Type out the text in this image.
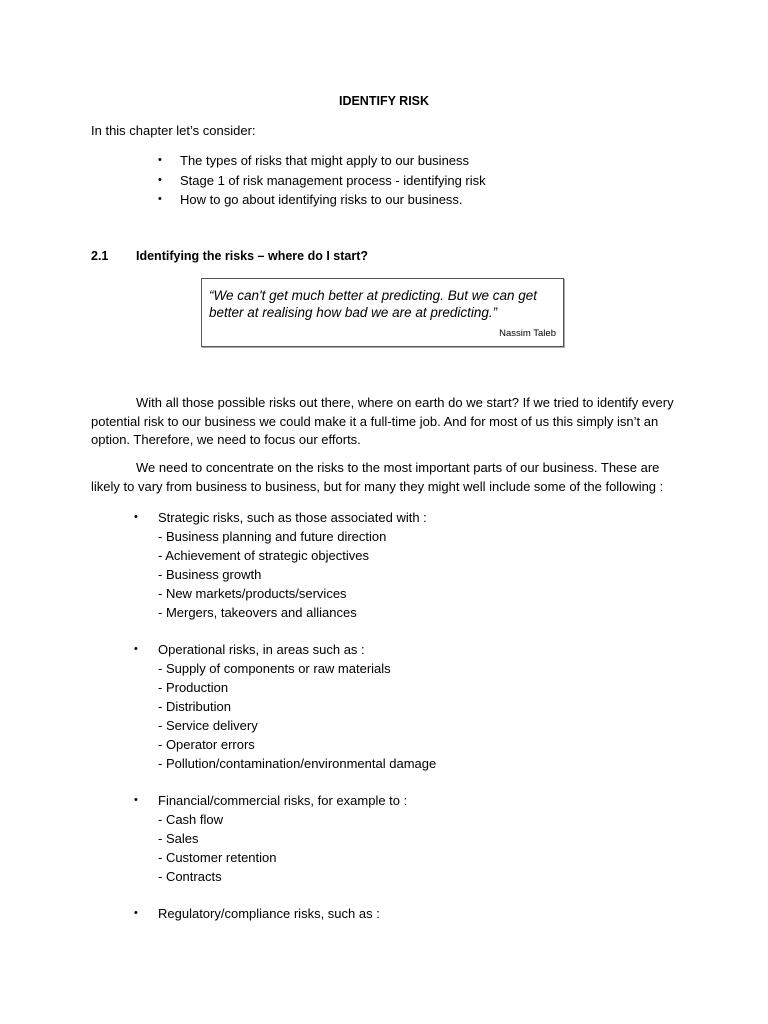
IDENTIFY RISK
In this chapter let’s consider:
• The types of risks that might apply to our business
• Stage 1 of risk management process - identifying risk
• How to go about identifying risks to our business.
2.1 Identifying the risks – where do I start?
“We can't get much better at predicting. But we can get better at realising how bad we are at predicting.”
Nassim Taleb
With all those possible risks out there, where on earth do we start? If we tried to identify every potential risk to our business we could make it a full-time job. And for most of us this simply isn’t an option. Therefore, we need to focus our efforts.
We need to concentrate on the risks to the most important parts of our business. These are likely to vary from business to business, but for many they might well include some of the following :
• Strategic risks, such as those associated with :
- Business planning and future direction
- Achievement of strategic objectives
- Business growth
- New markets/products/services
- Mergers, takeovers and alliances
• Operational risks, in areas such as :
- Supply of components or raw materials
- Production
- Distribution
- Service delivery
- Operator errors
- Pollution/contamination/environmental damage
• Financial/commercial risks, for example to :
- Cash flow
- Sales
- Customer retention
- Contracts
• Regulatory/compliance risks, such as :
